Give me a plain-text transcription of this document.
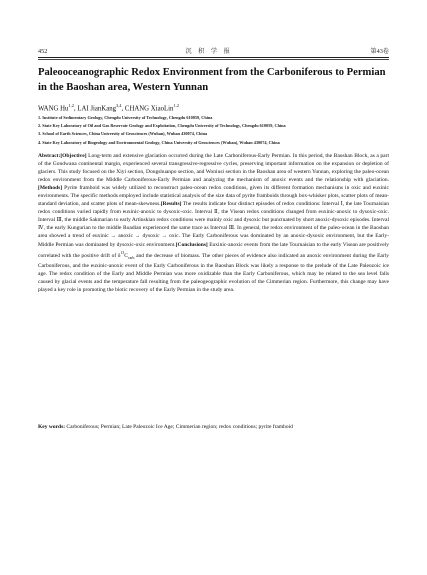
452	沉 积 学 报	第43卷
Paleooceanographic Redox Environment from the Carboniferous to Permian in the Baoshan area, Western Yunnan
WANG Hu$^{1,2}$, LAI JianKang$^{3,4}$, CHANG XiaoLin$^{1,2}$
1. Institute of Sedimentary Geology, Chengdu University of Technology, Chengdu 610059, China
2. State Key Laboratory of Oil and Gas Reservoir Geology and Exploitation, Chengdu University of Technology, Chengdu 610059, China
3. School of Earth Sciences, China University of Geosciences (Wuhan), Wuhan 430074, China
4. State Key Laboratory of Biogeology and Environmental Geology, China University of Geosciences (Wuhan), Wuhan 430074, China
Abstract:[Objective] Long-term and extensive glaciation occurred during the Late Carboniferous-Early Permian. In this period, the Baoshan Block, as a part of the Gondwana continental margin, experienced several transgressive-regressive cycles, preserving important information on the expansion or depletion of glaciers. This study focused on the Xiyi section, Dongshuanpo section, and Woniusi section in the Baoshan area of western Yunnan, exploring the paleo-ocean redox environment from the Middle Carboniferous-Early Permian and analyzing the mechanism of anoxic events and the relationship with glaciation.[Methods] Pyrite framboid was widely utilized to reconstruct paleo-ocean redox conditions, given its different formation mechanisms in oxic and euxinic environments. The specific methods employed include statistical analysis of the size data of pyrite framboids through box-whisker plots, scatter plots of mean-standard deviation, and scatter plots of mean-skewness.[Results] The results indicate four distinct episodes of redox conditions: Interval Ⅰ, the late Tournaisian redox conditions varied rapidly from euxinic-anoxic to dysoxic-oxic. Interval Ⅱ, the Visean redox conditions changed from euxinic-anoxic to dysoxic-oxic. Interval Ⅲ, the middle Sakmarian to early Artinskian redox conditions were mainly oxic and dysoxic but punctuated by short anoxic-dysoxic episodes. Interval Ⅳ, the early Kungurian to the middle Roadian experienced the same trace as Interval Ⅲ. In general, the redox environment of the paleo-ocean in the Baoshan area showed a trend of euxinic → anoxic → dysoxic → oxic. The Early Carboniferous was dominated by an anoxic-dysoxic environment, but the Early-Middle Permian was dominated by dysoxic-oxic environment.[Conclusions] Euxinic-anoxic events from the late Tournaisian to the early Visean are positively correlated with the positive drift of $\delta^{13}C_{carb}$ and the decrease of biomass. The other pieces of evidence also indicated an anoxic environment during the Early Carboniferous, and the euxinic-anoxic event of the Early Carboniferous in the Baoshan Block was likely a response to the prelude of the Late Paleozoic ice age. The redox condition of the Early and Middle Permian was more oxidizable than the Early Carboniferous, which may be related to the sea level falls caused by glacial events and the temperature fall resulting from the paleogeographic evolution of the Cimmerian region. Furthermore, this change may have played a key role in promoting the biotic recovery of the Early Permian in the study area.
Key words: Carboniferous; Permian; Late Paleozoic Ice Age; Cimmerian region; redox conditions; pyrite framboid
